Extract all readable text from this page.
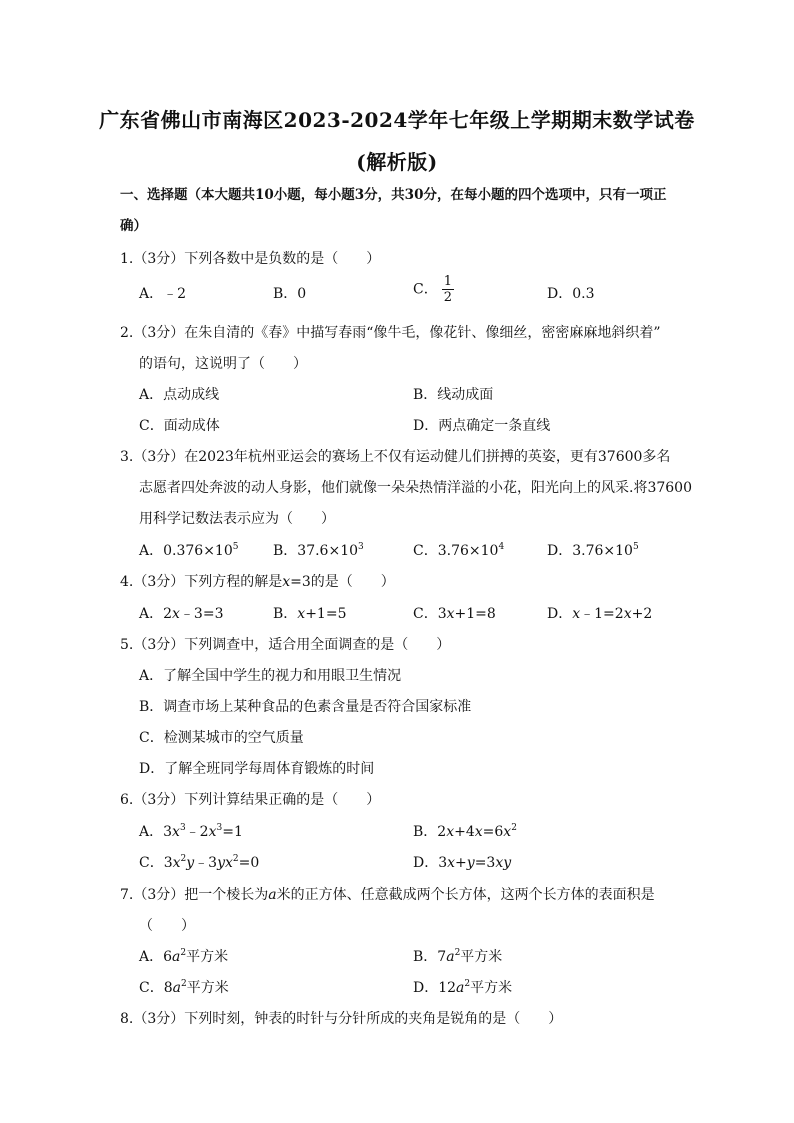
广东省佛山市南海区2023-2024学年七年级上学期期末数学试卷
(解析版)
一、选择题（本大题共10小题，每小题3分，共30分，在每小题的四个选项中，只有一项正确）
1.（3分）下列各数中是负数的是（　　）
A．﹣2	B．0	C． $\frac{1}{2}$	D．0.3
2.（3分）在朱自清的《春》中描写春雨“像牛毛，像花针、像细丝，密密麻麻地斜织着”
的语句，这说明了（　　）
A．点动成线	B．线动成面
C．面动成体	D．两点确定一条直线
3.（3分）在2023年杭州亚运会的赛场上不仅有运动健儿们拼搏的英姿，更有37600多名
志愿者四处奔波的动人身影，他们就像一朵朵热情洋溢的小花，阳光向上的风采.将37600
用科学记数法表示应为（　　）
A．$0.376\times 10^5$ B．$37.6\times 10^3$	C．$3.76\times 10^4$	D．$3.76\times 10^5$
4.（3分）下列方程的解是x=3的是（　　）
A．2x﹣3=3	B．x+1=5	C．3x+1=8	D．x﹣1=2x+2
5.（3分）下列调查中，适合用全面调查的是（　　）
A．了解全国中学生的视力和用眼卫生情况
B．调查市场上某种食品的色素含量是否符合国家标准
C．检测某城市的空气质量
D．了解全班同学每周体育锻炼的时间
6.（3分）下列计算结果正确的是（　　）
A．$3x^3﹣2x^3=1$	B．$2x+4x=6x^2$
C．$3x^2y﹣3yx^2=0$	D．3x+y=3xy
7.（3分）把一个棱长为a米的正方体、任意截成两个长方体，这两个长方体的表面积是
（　　）
A．$6a^2$平方米	B．$7a^2$平方米
C．$8a^2$平方米	D．$12a^2$平方米
8.（3分）下列时刻，钟表的时针与分针所成的夹角是锐角的是（　　）
